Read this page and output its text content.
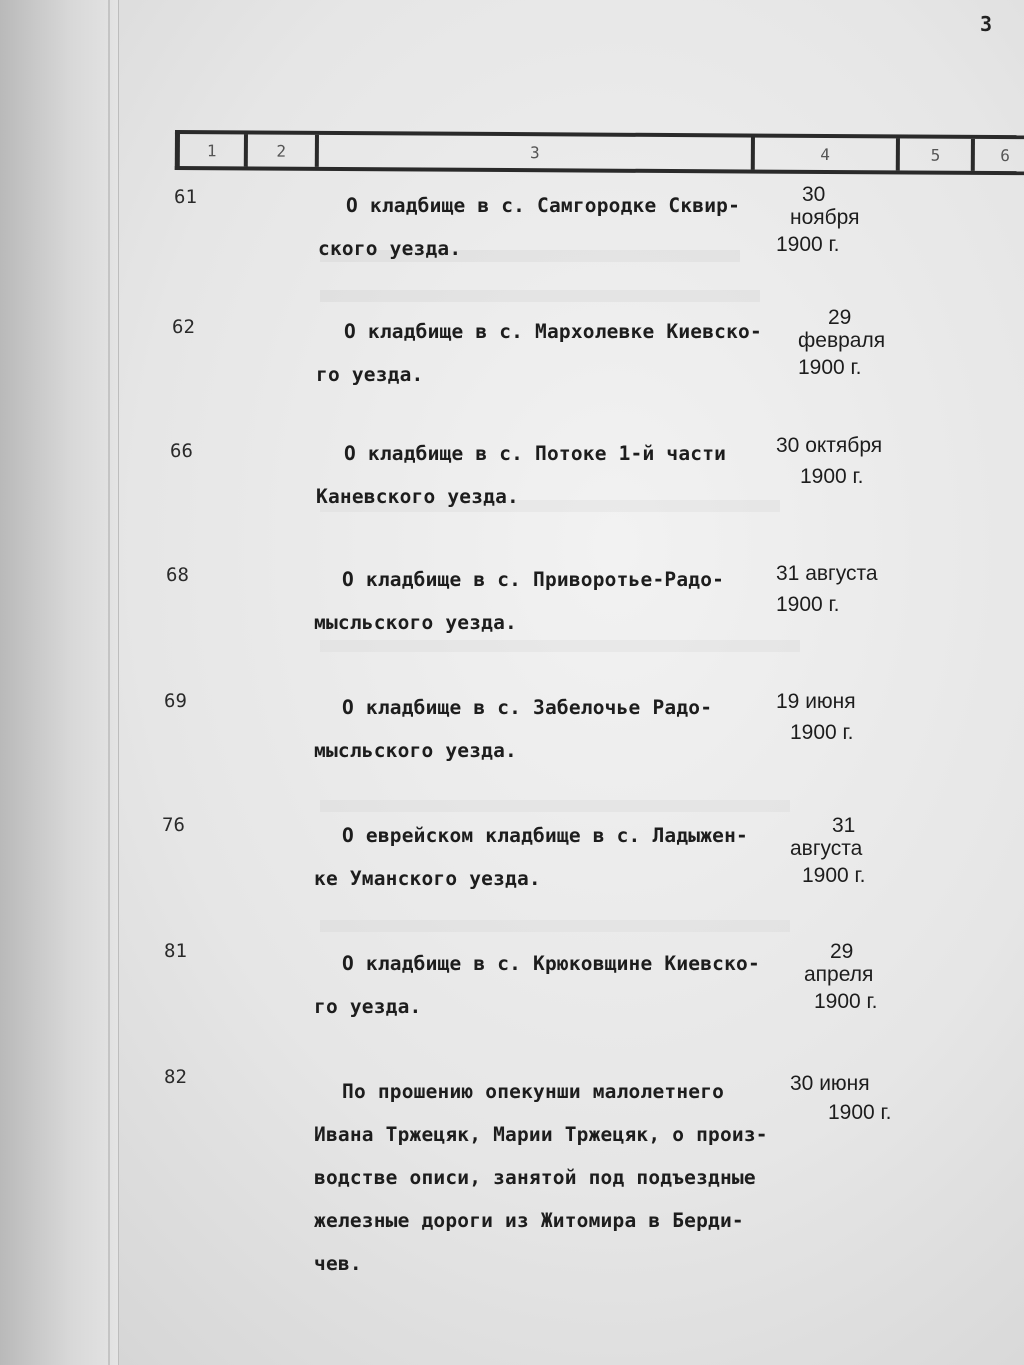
3
1	2	3	4	5	6
61	О кладбище в с. Самгородке Сквир-
ского уезда.
30
ноября
1900 г.
62	О кладбище в с. Мархолевке Киевско-
го уезда.
29
февраля
1900 г.
66	О кладбище в с. Потоке 1-й части
Каневского уезда.
30 октября
1900 г.
68	О кладбище в с. Приворотье-Радо-
мысльского уезда.
31 августа
1900 г.
69	О кладбище в с. Забелочье Радо-
мысльского уезда.
19 июня
1900 г.
76	О еврейском кладбище в с. Ладыжен-
ке Уманского уезда.
31
августа
1900 г.
81
О кладбище в с. Крюковщине Киевско-
го уезда.
29
апреля
1900 г.
82
По прошению опекунши малолетнего
Ивана Тржецяк, Марии Тржецяк, о произ-
водстве описи, занятой под подъездные
железные дороги из Житомира в Берди-
чев.
30 июня
1900 г.
